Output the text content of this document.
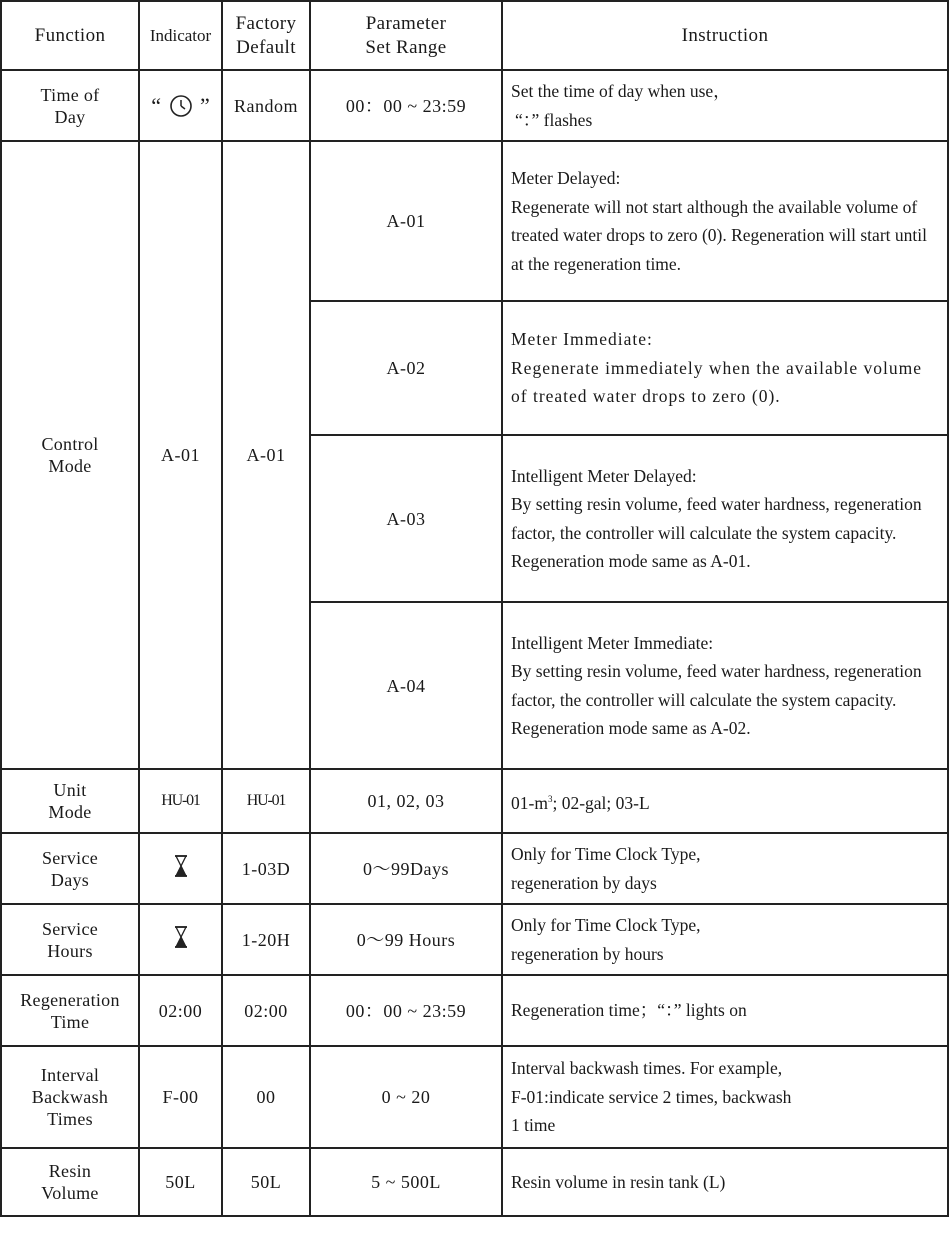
Function	Indicator	Factory
Default	Parameter
Set Range	Instruction
Time of
Day	“ ”	Random	00：00 ~ 23:59	Set the time of day when use，
“：” flashes

Control
Mode	A-01	A-01	A-01	Meter Delayed:
Regenerate will not start although the available volume of treated water drops to zero (0). Regeneration will start until at the regeneration time.
			A-02	Meter Immediate:
Regenerate immediately when the available volume of treated water drops to zero (0).
			A-03	Intelligent Meter Delayed:
By setting resin volume, feed water hardness, regeneration factor, the controller will calculate the system capacity. Regeneration mode same as A-01.
			A-04	Intelligent Meter Immediate:
By setting resin volume, feed water hardness, regeneration factor, the controller will calculate the system capacity.
Regeneration mode same as A-02.
Unit
Mode	HU-01	HU-01	01, 02, 03	$01-m^3$; 02-gal; 03-L
Service
Days		1-03D	0～99Days	Only for Time Clock Type,
regeneration by days

Service
Hours		1-20H	0～99 Hours	Only for Time Clock Type,
regeneration by hours

Regeneration
Time	02:00	02:00	00：00 ~ 23:59	Regeneration time；“：” lights on
Interval
Backwash
Times	F-00	00	0 ~ 20	Interval backwash times. For example,
F-01:indicate service 2 times, backwash
1 time

Resin
Volume	50L	50L	5 ~ 500L	Resin volume in resin tank (L)
